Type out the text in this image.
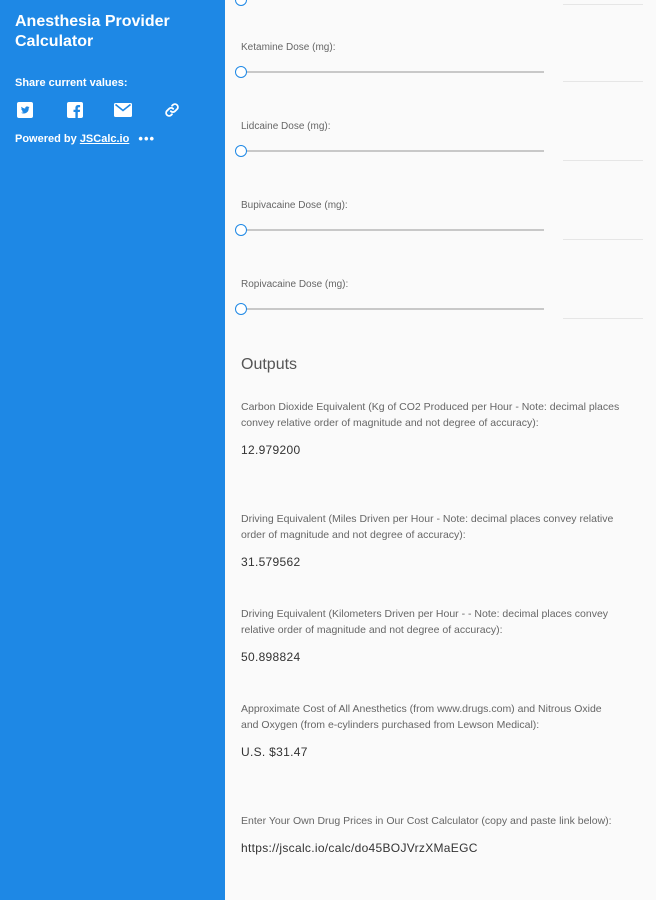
Anesthesia Provider Calculator
Share current values:
Powered by JSCalc.io •••
Ketamine Dose (mg):
Lidcaine Dose (mg):
Bupivacaine Dose (mg):
Ropivacaine Dose (mg):
Outputs
Carbon Dioxide Equivalent (Kg of CO2 Produced per Hour - Note: decimal places convey relative order of magnitude and not degree of accuracy):
12.979200
Driving Equivalent (Miles Driven per Hour - Note: decimal places convey relative order of magnitude and not degree of accuracy):
31.579562
Driving Equivalent (Kilometers Driven per Hour - - Note: decimal places convey relative order of magnitude and not degree of accuracy):
50.898824
Approximate Cost of All Anesthetics (from www.drugs.com) and Nitrous Oxide and Oxygen (from e-cylinders purchased from Lewson Medical):
U.S. $31.47
Enter Your Own Drug Prices in Our Cost Calculator (copy and paste link below):
https://jscalc.io/calc/do45BOJVrzXMaEGC
